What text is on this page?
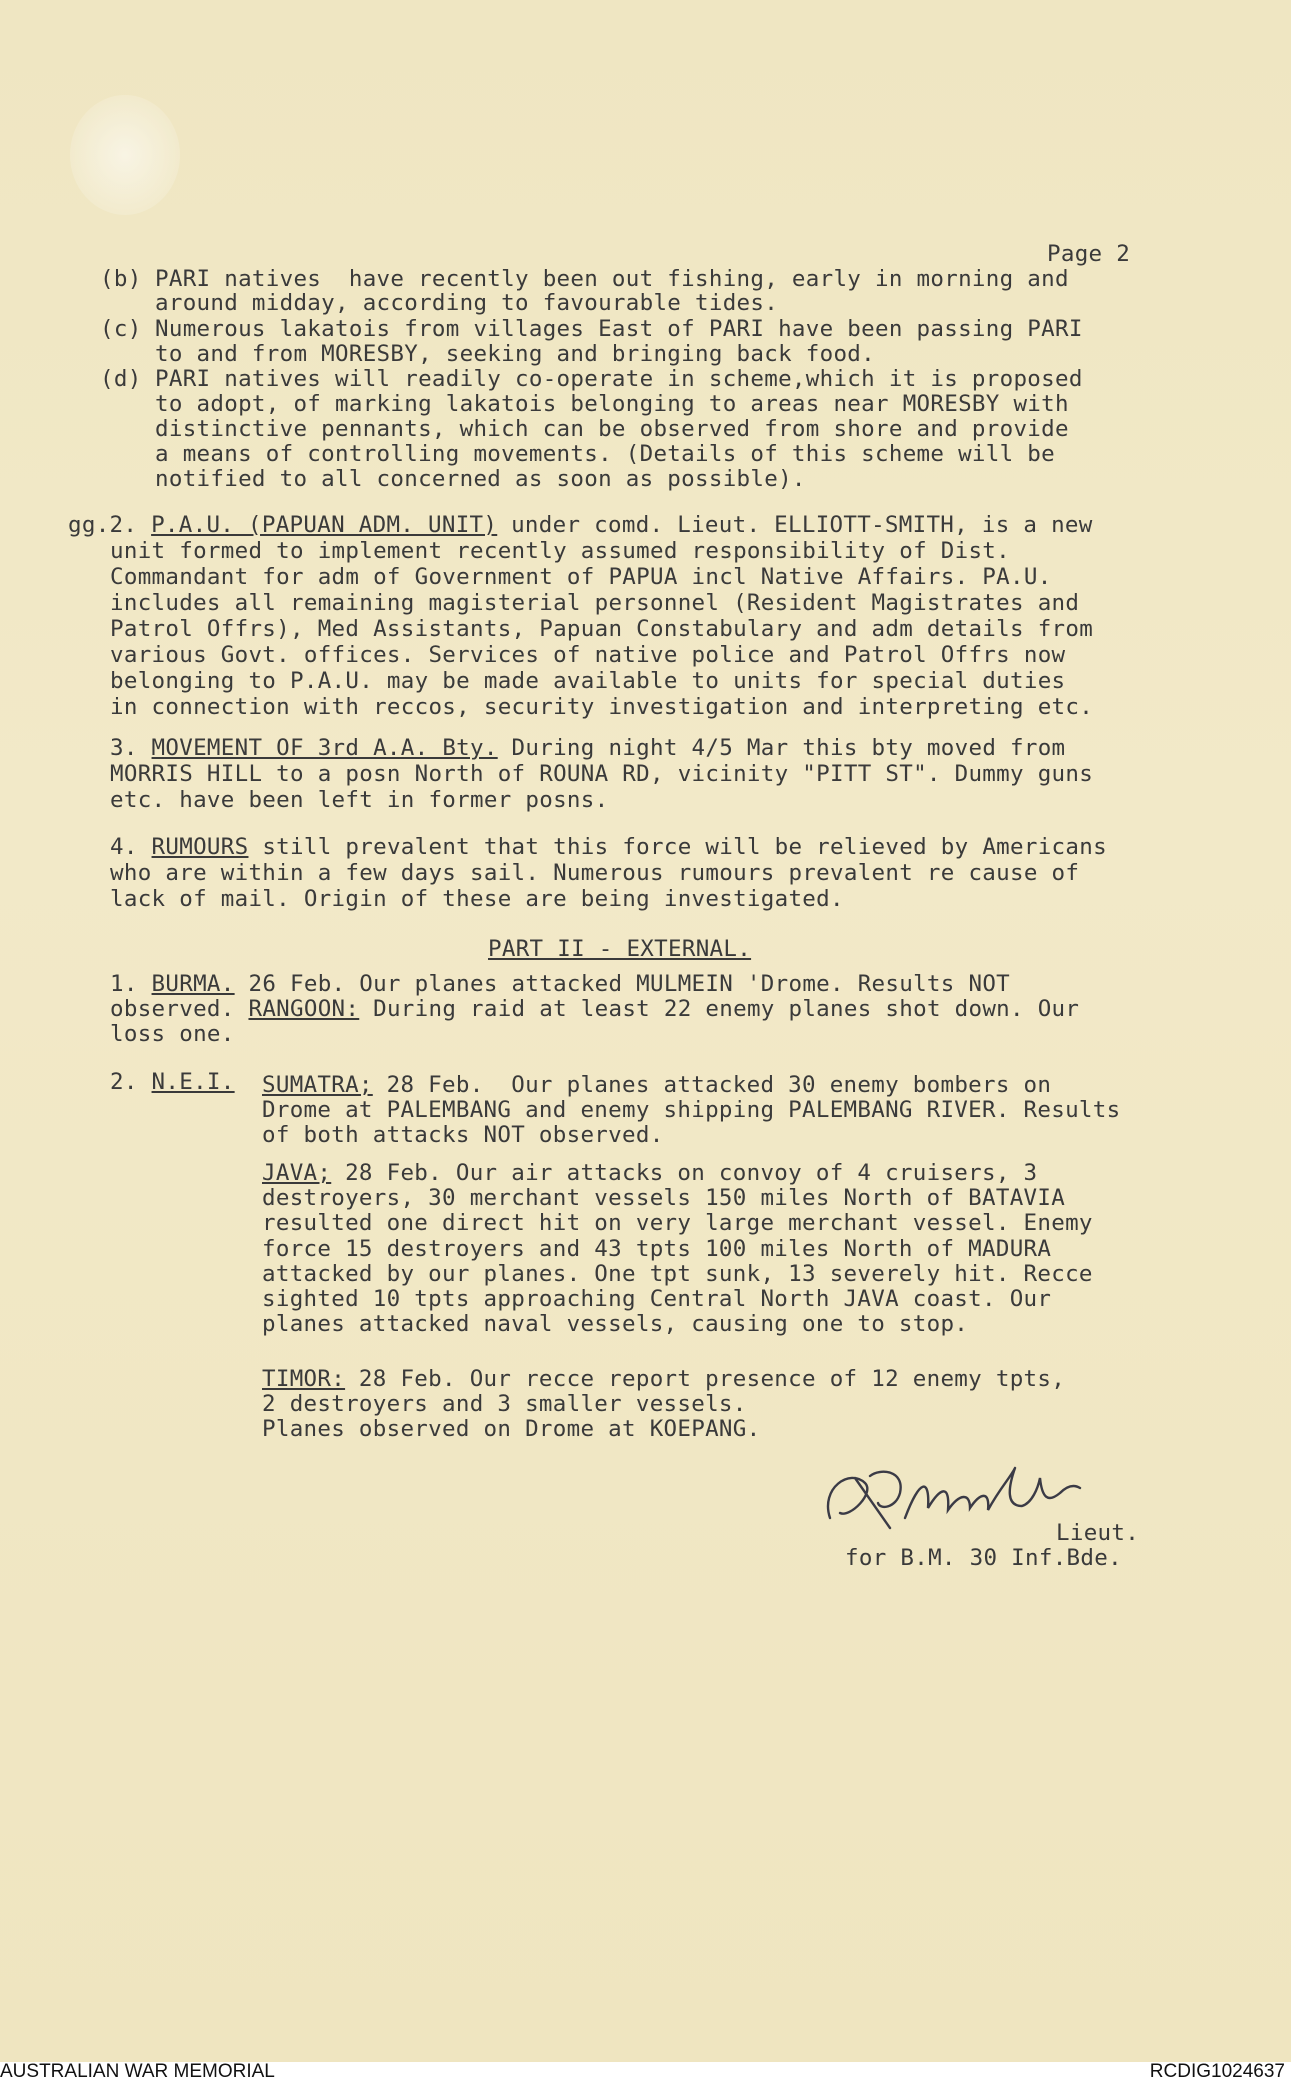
Page 2
(b) PARI natives  have recently been out fishing, early in morning and
around midday, according to favourable tides.
(c) Numerous lakatois from villages East of PARI have been passing PARI
to and from MORESBY, seeking and bringing back food.
(d) PARI natives will readily co-operate in scheme,which it is proposed
to adopt, of marking lakatois belonging to areas near MORESBY with
distinctive pennants, which can be observed from shore and provide
a means of controlling movements. (Details of this scheme will be
notified to all concerned as soon as possible).
gg.2. P.A.U. (PAPUAN ADM. UNIT) under comd. Lieut. ELLIOTT-SMITH, is a new
unit formed to implement recently assumed responsibility of Dist.
Commandant for adm of Government of PAPUA incl Native Affairs. PA.U.
includes all remaining magisterial personnel (Resident Magistrates and
Patrol Offrs), Med Assistants, Papuan Constabulary and adm details from
various Govt. offices. Services of native police and Patrol Offrs now
belonging to P.A.U. may be made available to units for special duties
in connection with reccos, security investigation and interpreting etc.
3. MOVEMENT OF 3rd A.A. Bty. During night 4/5 Mar this bty moved from
MORRIS HILL to a posn North of ROUNA RD, vicinity "PITT ST". Dummy guns
etc. have been left in former posns.
4. RUMOURS still prevalent that this force will be relieved by Americans
who are within a few days sail. Numerous rumours prevalent re cause of
lack of mail. Origin of these are being investigated.
PART II - EXTERNAL.
1. BURMA. 26 Feb. Our planes attacked MULMEIN 'Drome. Results NOT
observed. RANGOON: During raid at least 22 enemy planes shot down. Our
loss one.
2. N.E.I. SUMATRA; 28 Feb.  Our planes attacked 30 enemy bombers on
Drome at PALEMBANG and enemy shipping PALEMBANG RIVER. Results
of both attacks NOT observed.
JAVA; 28 Feb. Our air attacks on convoy of 4 cruisers, 3
destroyers, 30 merchant vessels 150 miles North of BATAVIA
resulted one direct hit on very large merchant vessel. Enemy
force 15 destroyers and 43 tpts 100 miles North of MADURA
attacked by our planes. One tpt sunk, 13 severely hit. Recce
sighted 10 tpts approaching Central North JAVA coast. Our
planes attacked naval vessels, causing one to stop.
TIMOR: 28 Feb. Our recce report presence of 12 enemy tpts,
2 destroyers and 3 smaller vessels.
Planes observed on Drome at KOEPANG.
Lieut.
for B.M. 30 Inf.Bde.
AUSTRALIAN WAR MEMORIAL	RCDIG1024637
